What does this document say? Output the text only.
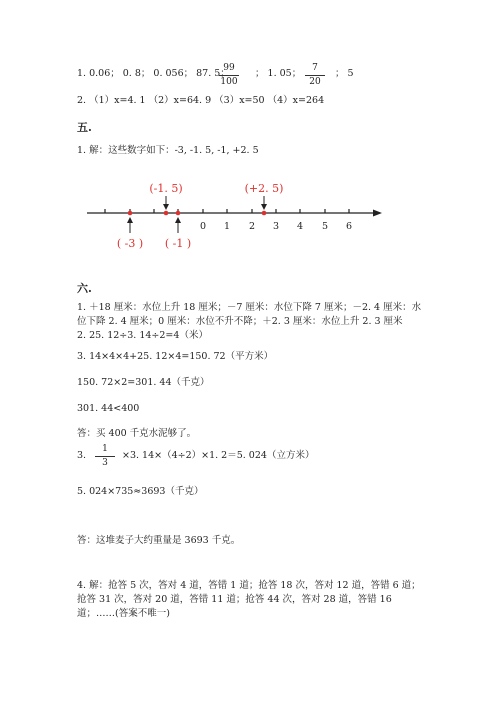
1. 0.06； 0. 8； 0. 056； 87. 5；
99
100
； 1. 05；	7
20
； 5
2. （1）x=4. 1 （2）x=64. 9 （3）x=50 （4）x=264
五.
1. 解：这些数字如下：-3, -1. 5, -1, +2. 5
0 1 2 3 4 5 6
(-1. 5)	(+2. 5)
( -3 ) ( -1 )
六.
1. ＋18 厘米：水位上升 18 厘米；－7 厘米：水位下降 7 厘米；－2. 4 厘米：水
位下降 2. 4 厘米；0 厘米：水位不升不降；＋2. 3 厘米：水位上升 2. 3 厘米
2. 25. 12÷3. 14÷2=4（米）
3. 14×4×4+25. 12×4=150. 72（平方米）
150. 72×2=301. 44（千克）
301. 44<400
答：买 400 千克水泥够了。
3.
1
3
×3. 14×（4÷2）×1. 2＝5. 024（立方米）
5. 024×735≈3693（千克）
答：这堆麦子大约重量是 3693 千克。
4. 解：抢答 5 次，答对 4 道，答错 1 道；抢答 18 次，答对 12 道，答错 6 道；
抢答 31 次，答对 20 道，答错 11 道；抢答 44 次，答对 28 道，答错 16
道；……(答案不唯一)
